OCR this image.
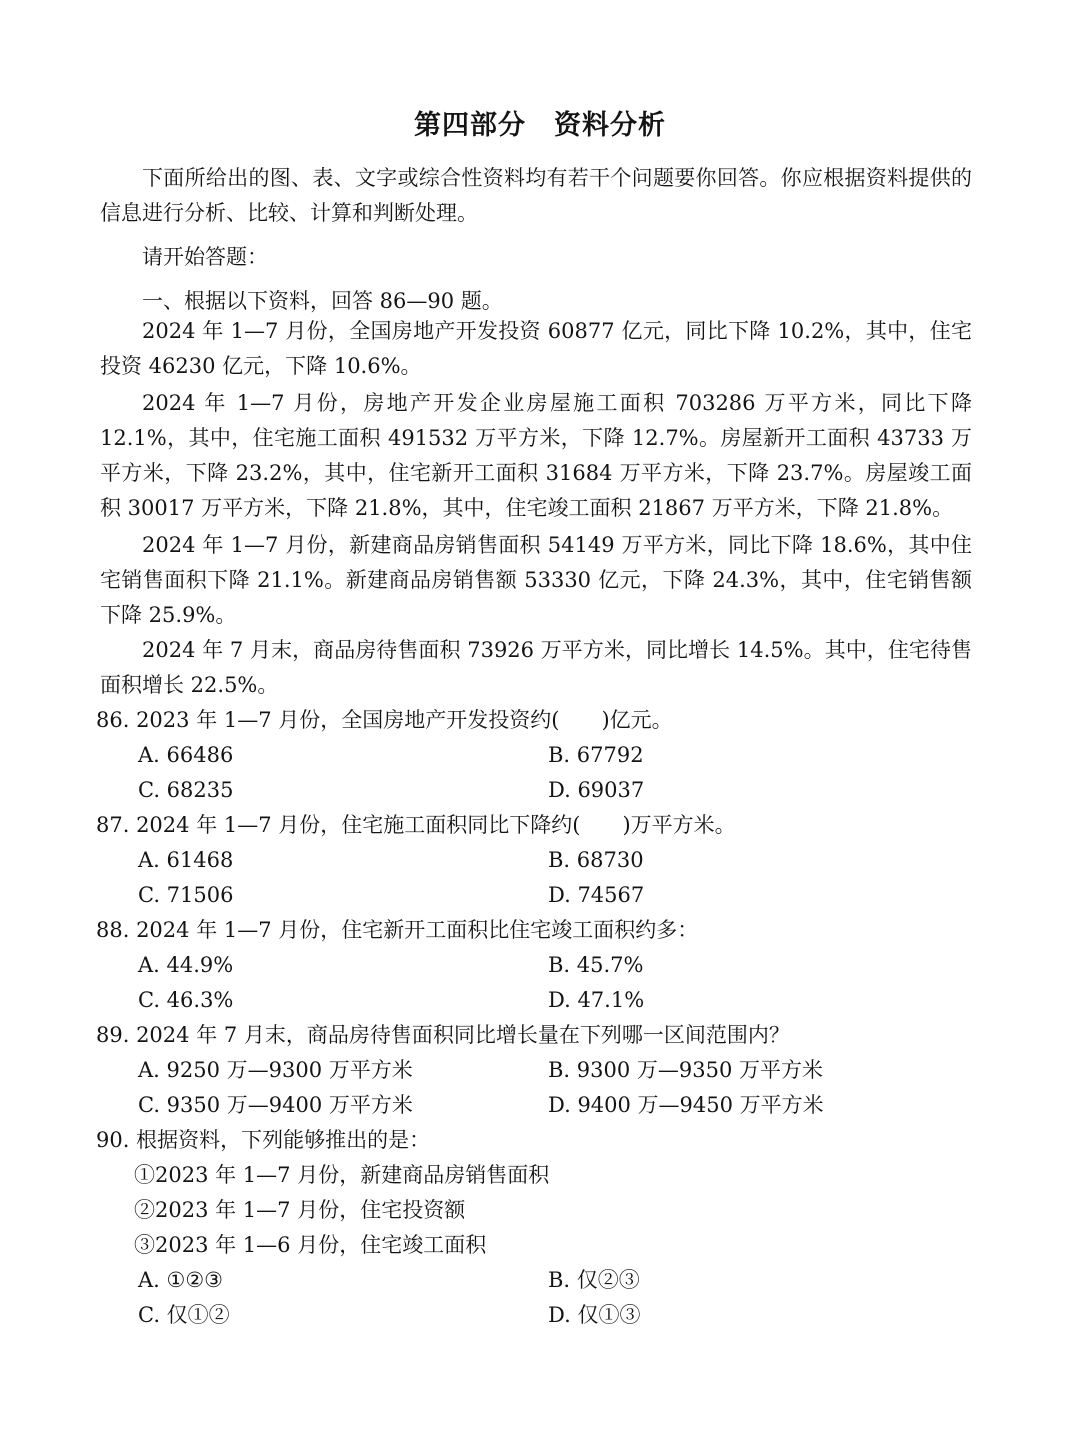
第四部分　资料分析
下面所给出的图、表、文字或综合性资料均有若干个问题要你回答。你应根据资料提供的信息进行分析、比较、计算和判断处理。
请开始答题：
一、根据以下资料，回答 86—90 题。
2024 年 1—7 月份，全国房地产开发投资 60877 亿元，同比下降 10.2%，其中，住宅投资 46230 亿元，下降 10.6%。
2024 年 1—7 月份，房地产开发企业房屋施工面积 703286 万平方米，同比下降 12.1%，其中，住宅施工面积 491532 万平方米，下降 12.7%。房屋新开工面积 43733 万平方米，下降 23.2%，其中，住宅新开工面积 31684 万平方米，下降 23.7%。房屋竣工面积 30017 万平方米，下降 21.8%，其中，住宅竣工面积 21867 万平方米，下降 21.8%。
2024 年 1—7 月份，新建商品房销售面积 54149 万平方米，同比下降 18.6%，其中住宅销售面积下降 21.1%。新建商品房销售额 53330 亿元，下降 24.3%，其中，住宅销售额下降 25.9%。
2024 年 7 月末，商品房待售面积 73926 万平方米，同比增长 14.5%。其中，住宅待售面积增长 22.5%。
86. 2023 年 1—7 月份，全国房地产开发投资约(　　)亿元。
A. 66486	B. 67792
C. 68235	D. 69037
87. 2024 年 1—7 月份，住宅施工面积同比下降约(　　)万平方米。
A. 61468	B. 68730
C. 71506	D. 74567
88. 2024 年 1—7 月份，住宅新开工面积比住宅竣工面积约多：
A. 44.9%	B. 45.7%
C. 46.3%	D. 47.1%
89. 2024 年 7 月末，商品房待售面积同比增长量在下列哪一区间范围内？
A. 9250 万—9300 万平方米	B. 9300 万—9350 万平方米
C. 9350 万—9400 万平方米	D. 9400 万—9450 万平方米
90. 根据资料，下列能够推出的是：
①2023 年 1—7 月份，新建商品房销售面积
②2023 年 1—7 月份，住宅投资额
③2023 年 1—6 月份，住宅竣工面积
A. ①②③	B. 仅②③
C. 仅①②	D. 仅①③
